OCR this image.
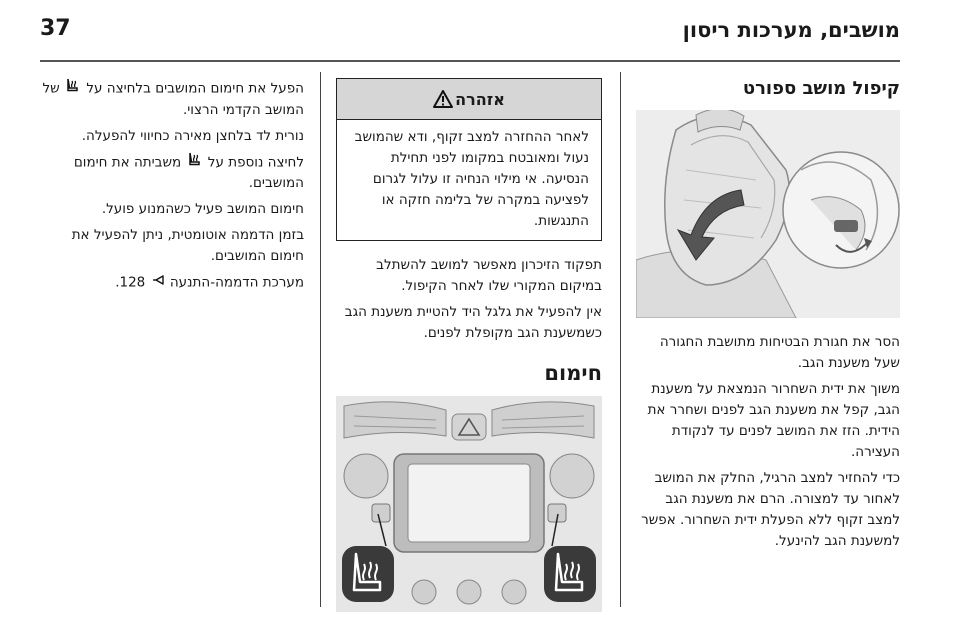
מושבים, מערכות ריסון
37
קיפול מושב ספורט

הסר את חגורת הבטיחות מתושבת החגורה שעל משענת הגב.

משוך את ידית השחרור הנמצאת על משענת הגב, קפל את משענת הגב לפנים ושחרר את הידית. הזז את המושב לפנים עד לנקודת העצירה.

כדי להחזיר למצב הרגיל, החלק את המושב לאחור עד למצורה. הרם את משענת הגב למצב זקוף ללא הפעלת ידית השחרור. אפשר למשענת הגב להינעל.

אזהרה

לאחר ההחזרה למצב זקוף, ודא שהמושב נעול ומאובטח במקומו לפני תחילת הנסיעה. אי מילוי הנחיה זו עלול לגרום לפציעה במקרה של בלימה חזקה או התנגשות.

תפקוד הזיכרון מאפשר למושב להשתלב במיקום המקורי שלו לאחר הקיפול.

אין להפעיל את גלגל היד להטיית משענת הגב כשמשענת הגב מקופלת לפנים.

חימום

הפעל את חימום המושבים בלחיצה על  של המושב הקדמי הרצוי.

נורית לד בלחצן מאירה כחיווי להפעלה.

לחיצה נוספת על  משביתה את חימום המושבים.

חימום המושב פעיל כשהמנוע פועל.

בזמן הדממה אוטומטית, ניתן להפעיל את חימום המושבים.

מערכת הדממה-התנעה  128.
